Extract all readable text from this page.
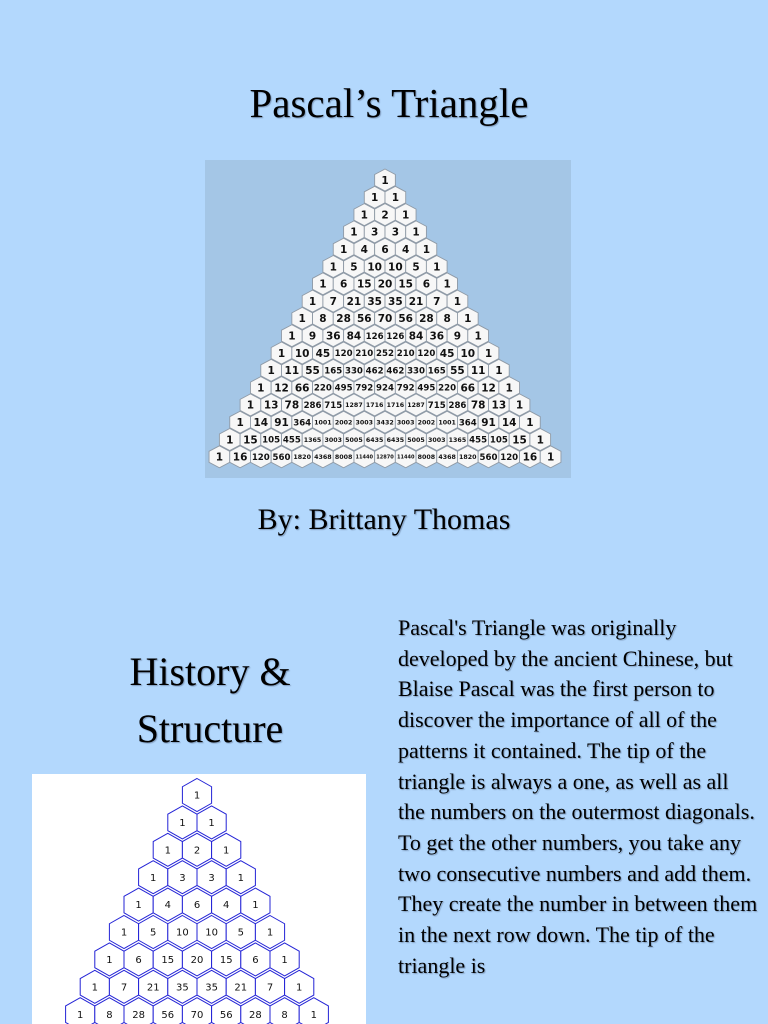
Pascal’s Triangle
1
1 1
1 2 1
1 3 3 1
1 4 6 4 1
1 5 10 10 5 1
1 6 15 20 15 6 1
1 7 21 35 35 21 7 1
1 8 28 56 70 56 28 8 1
1 9 36 84 126 126 84 36 9 1
1 10 45 120 210 252 210 120 45 10 1
1 11 55 165 330 462 462 330 165 55 11 1
1 12 66 220 495 792 924 792 495 220 66 12 1
1 13 78 286 715 1287 1716 1716 1287 715 286 78 13 1
1 14 91 364 1001 2002 3003 3432 3003 2002 1001 364 91 14 1
1 15 105 455 1365 3003 5005 6435 6435 5005 3003 1365 455 105 15 1
1 16 120 560 1820 4368 8008 11440 12870 11440 8008 4368 1820 560 120 16 1
By: Brittany Thomas
History &
Structure
1
1 1
1 2 1
1 3 3 1
1 4 6 4 1
1 5 10 10 5 1
1 6 15 20 15 6 1
1 7 21 35 35 21 7 1
1 8 28 56 70 56 28 8 1

Pascal's Triangle was originally developed by the ancient Chinese, but Blaise Pascal was the first person to discover the importance of all of the patterns it contained. The tip of the triangle is always a one, as well as all the numbers on the outermost diagonals. To get the other numbers, you take any two consecutive numbers and add them. They create the number in between them in the next row down. The tip of the triangle is
